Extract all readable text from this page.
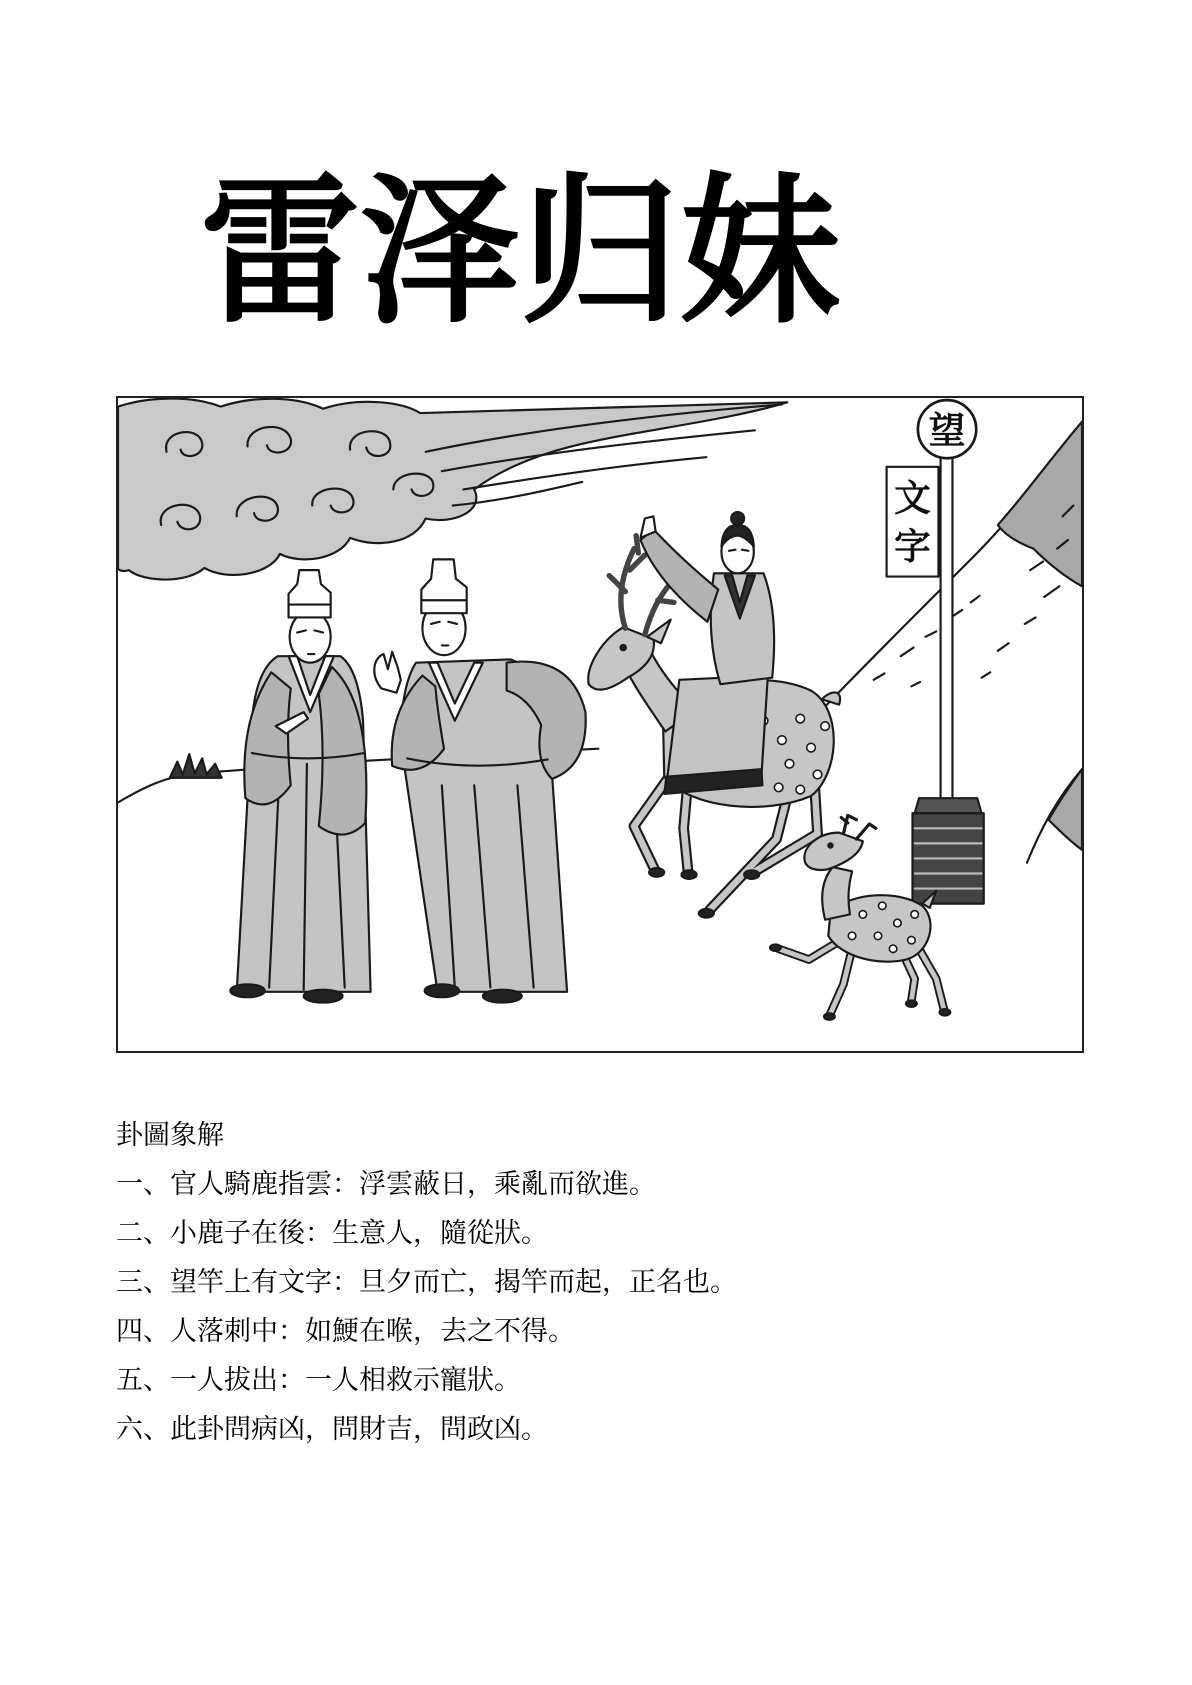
雷泽归妹
望
文
字
卦圖象解
一、官人騎鹿指雲：浮雲蔽日，乘亂而欲進。
二、小鹿子在後：生意人，隨從狀。
三、望竿上有文字：旦夕而亡，揭竿而起，正名也。
四、人落刺中：如鯁在喉，去之不得。
五、一人拔出：一人相救示寵狀。
六、此卦問病凶，問財吉，問政凶。
